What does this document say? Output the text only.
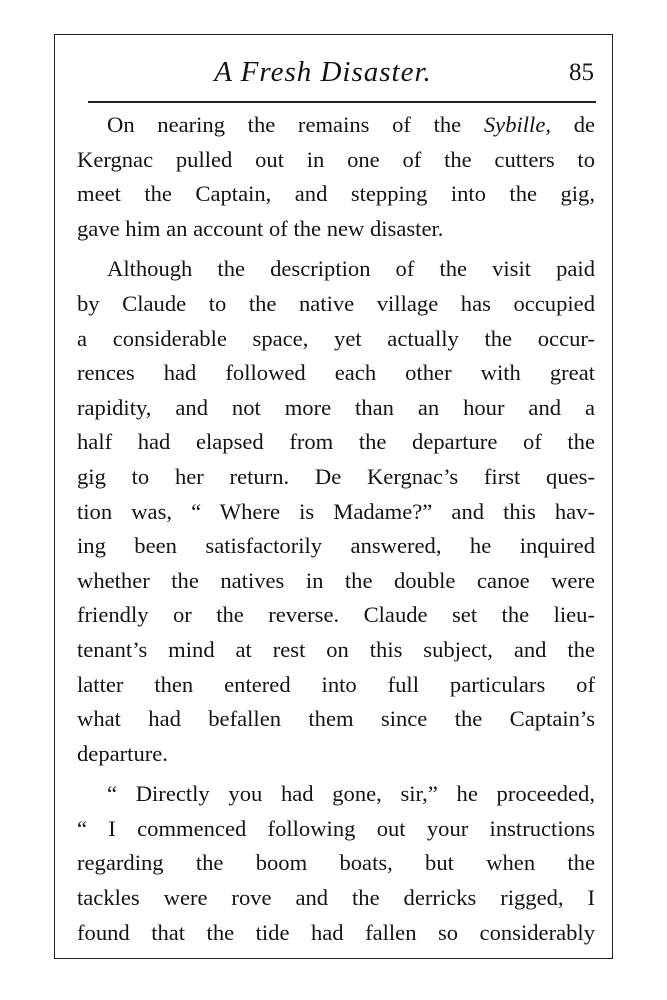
A Fresh Disaster.	85

On nearing the remains of the Sybille, de
Kergnac pulled out in one of the cutters to
meet the Captain, and stepping into the gig,
gave him an account of the new disaster.

Although the description of the visit paid
by Claude to the native village has occupied
a considerable space, yet actually the occur-
rences had followed each other with great
rapidity, and not more than an hour and a
half had elapsed from the departure of the
gig to her return. De Kergnac’s first ques-
tion was, “ Where is Madame?” and this hav-
ing been satisfactorily answered, he inquired
whether the natives in the double canoe were
friendly or the reverse. Claude set the lieu-
tenant’s mind at rest on this subject, and the
latter then entered into full particulars of
what had befallen them since the Captain’s
departure.

“ Directly you had gone, sir,” he proceeded,
“ I commenced following out your instructions
regarding the boom boats, but when the
tackles were rove and the derricks rigged, I
found that the tide had fallen so considerably
